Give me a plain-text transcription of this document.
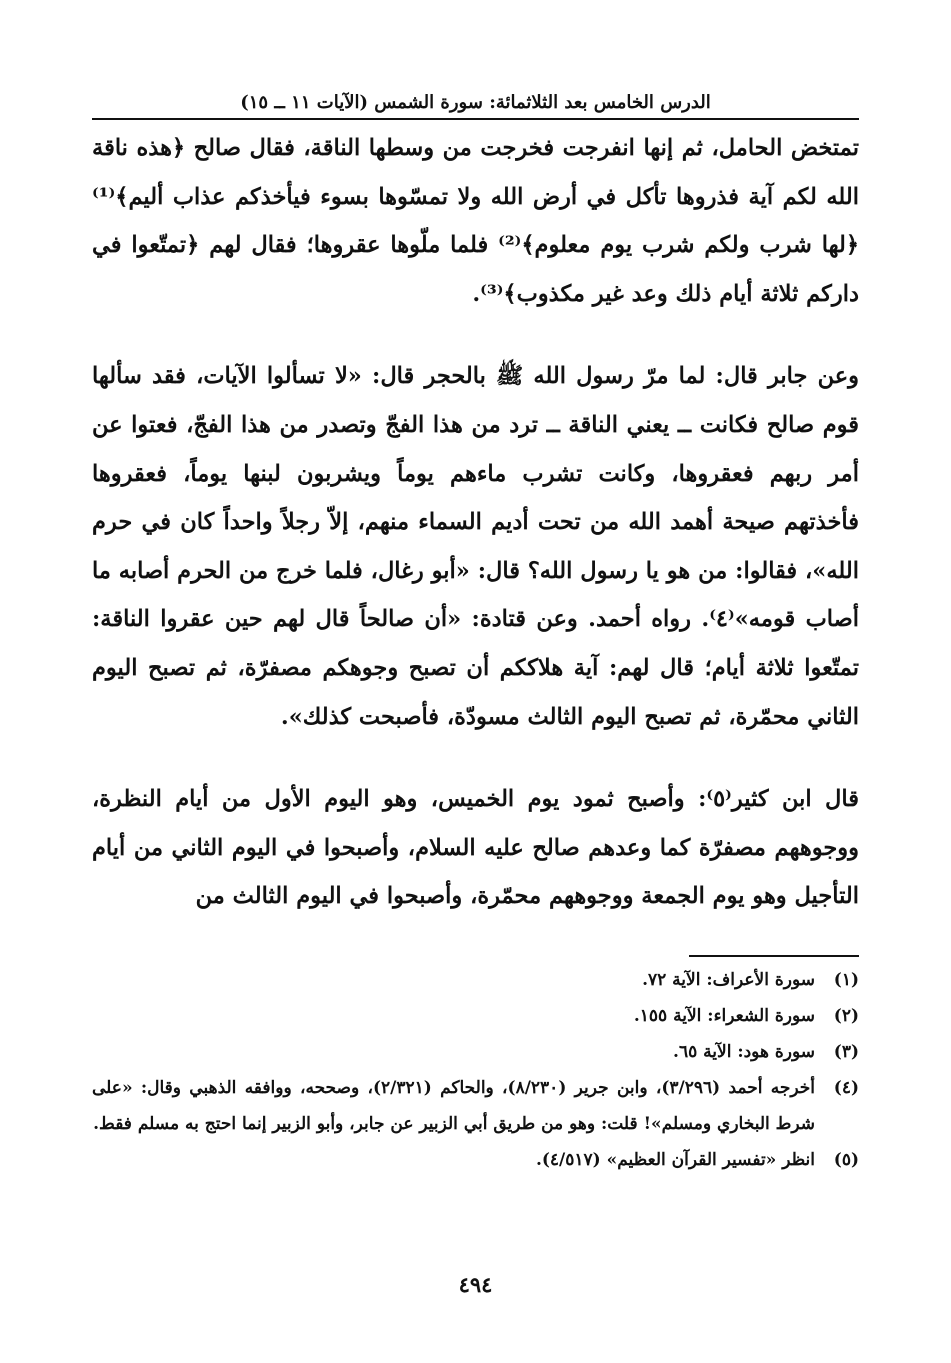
الدرس الخامس بعد الثلاثمائة: سورة الشمس (الآيات ١١ ــ ١٥)

تمتخض الحامل، ثم إنها انفرجت فخرجت من وسطها الناقة، فقال صالح ﴿هذه ناقة الله لكم آية فذروها تأكل في أرض الله ولا تمسّوها بسوء فيأخذكم عذاب أليم﴾⁽¹⁾ ﴿لها شرب ولكم شرب يوم معلوم﴾⁽²⁾ فلما ملّوها عقروها؛ فقال لهم ﴿تمتّعوا في داركم ثلاثة أيام ذلك وعد غير مكذوب﴾⁽³⁾.

وعن جابر قال: لما مرّ رسول الله ﷺ بالحجر قال: «لا تسألوا الآيات، فقد سألها قوم صالح فكانت ــ يعني الناقة ــ ترد من هذا الفجّ وتصدر من هذا الفجّ، فعتوا عن أمر ربهم فعقروها، وكانت تشرب ماءهم يوماً ويشربون لبنها يوماً، فعقروها فأخذتهم صيحة أهمد الله من تحت أديم السماء منهم، إلاّ رجلاً واحداً كان في حرم الله»، فقالوا: من هو يا رسول الله؟ قال: «أبو رغال، فلما خرج من الحرم أصابه ما أصاب قومه»⁽٤⁾. رواه أحمد. وعن قتادة: «أن صالحاً قال لهم حين عقروا الناقة: تمتّعوا ثلاثة أيام؛ قال لهم: آية هلاككم أن تصبح وجوهكم مصفرّة، ثم تصبح اليوم الثاني محمّرة، ثم تصبح اليوم الثالث مسودّة، فأصبحت كذلك».

قال ابن كثير⁽٥⁾: وأصبح ثمود يوم الخميس، وهو اليوم الأول من أيام النظرة، ووجوههم مصفرّة كما وعدهم صالح عليه السلام، وأصبحوا في اليوم الثاني من أيام التأجيل وهو يوم الجمعة ووجوههم محمّرة، وأصبحوا في اليوم الثالث من

(١)
سورة الأعراف: الآية ٧٢.
(٢)
سورة الشعراء: الآية ١٥٥.
(٣)
سورة هود: الآية ٦٥.
(٤)
أخرجه أحمد (٣/٢٩٦)، وابن جرير (٨/٢٣٠)، والحاكم (٢/٣٢١)، وصححه، ووافقه الذهبي وقال: «على شرط البخاري ومسلم»! قلت: وهو من طريق أبي الزبير عن جابر، وأبو الزبير إنما احتج به مسلم فقط.
(٥)
انظر «تفسير القرآن العظيم» (٤/٥١٧).
٤٩٤
